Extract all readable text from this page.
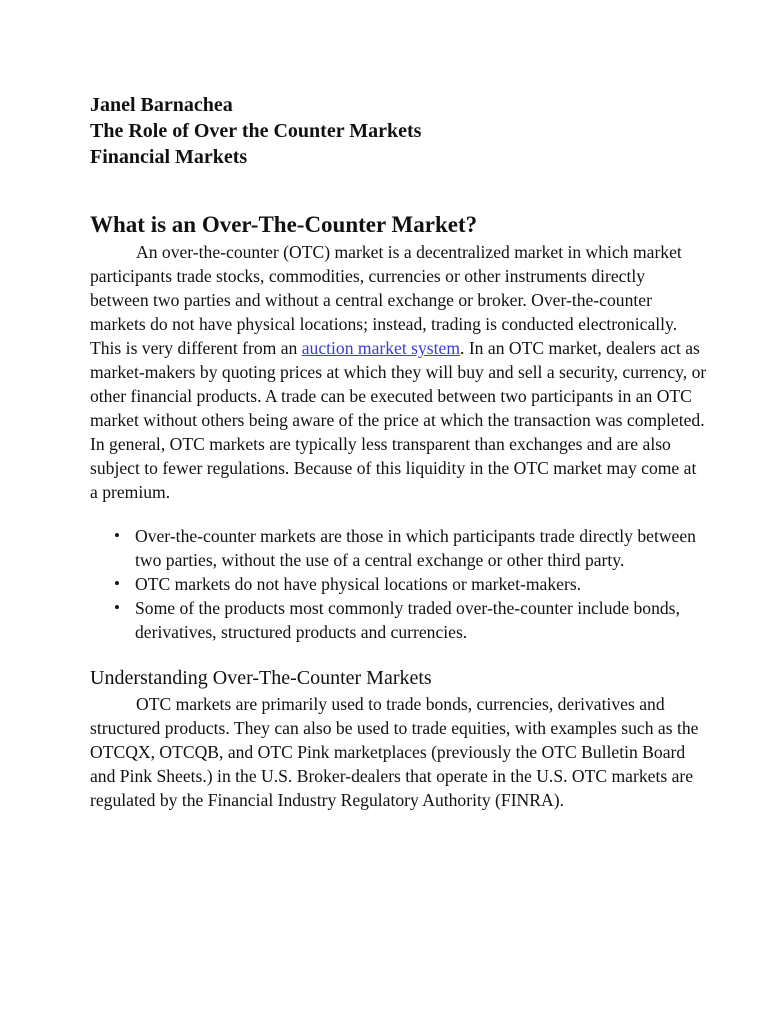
Janel Barnachea
The Role of Over the Counter Markets
Financial Markets
What is an Over-The-Counter Market?

An over-the-counter (OTC) market is a decentralized market in which market participants trade stocks, commodities, currencies or other instruments directly between two parties and without a central exchange or broker. Over-the-counter markets do not have physical locations; instead, trading is conducted electronically. This is very different from an auction market system. In an OTC market, dealers act as market-makers by quoting prices at which they will buy and sell a security, currency, or other financial products. A trade can be executed between two participants in an OTC market without others being aware of the price at which the transaction was completed. In general, OTC markets are typically less transparent than exchanges and are also subject to fewer regulations. Because of this liquidity in the OTC market may come at a premium.

• Over-the-counter markets are those in which participants trade directly between two parties, without the use of a central exchange or other third party.
• OTC markets do not have physical locations or market-makers.
• Some of the products most commonly traded over-the-counter include bonds, derivatives, structured products and currencies.
Understanding Over-The-Counter Markets

OTC markets are primarily used to trade bonds, currencies, derivatives and structured products. They can also be used to trade equities, with examples such as the OTCQX, OTCQB, and OTC Pink marketplaces (previously the OTC Bulletin Board and Pink Sheets.) in the U.S. Broker-dealers that operate in the U.S. OTC markets are regulated by the Financial Industry Regulatory Authority (FINRA).
